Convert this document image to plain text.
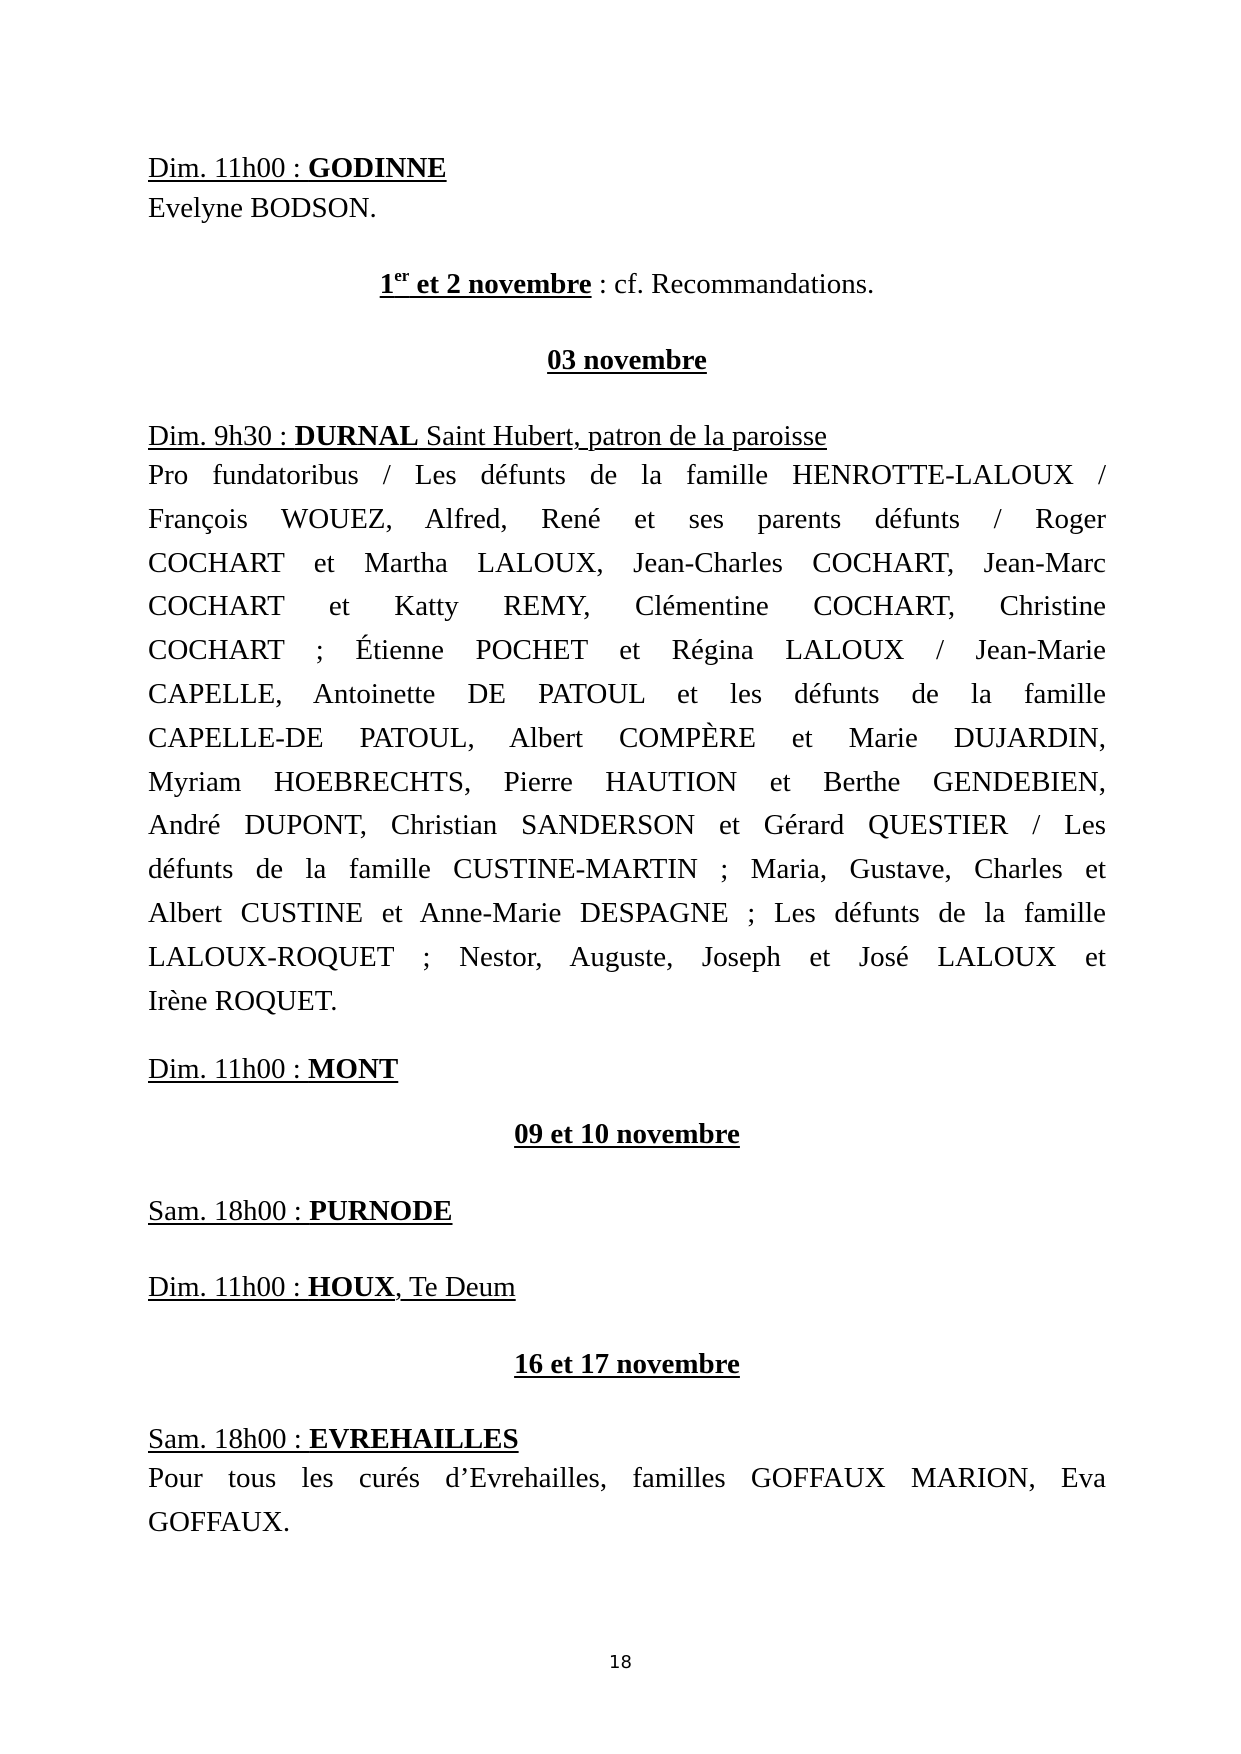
Dim. 11h00 : GODINNE
Evelyne BODSON.
1er et 2 novembre : cf. Recommandations.
03 novembre
Dim. 9h30 : DURNAL Saint Hubert, patron de la paroisse
Pro fundatoribus / Les défunts de la famille HENROTTE-LALOUX /
François WOUEZ, Alfred, René et ses parents défunts / Roger
COCHART et Martha LALOUX, Jean-Charles COCHART, Jean-Marc
COCHART et Katty REMY, Clémentine COCHART, Christine
COCHART ; Étienne POCHET et Régina LALOUX / Jean-Marie
CAPELLE, Antoinette DE PATOUL et les défunts de la famille
CAPELLE-DE PATOUL, Albert COMPÈRE et Marie DUJARDIN,
Myriam HOEBRECHTS, Pierre HAUTION et Berthe GENDEBIEN,
André DUPONT, Christian SANDERSON et Gérard QUESTIER / Les
défunts de la famille CUSTINE-MARTIN ; Maria, Gustave, Charles et
Albert CUSTINE et Anne-Marie DESPAGNE ; Les défunts de la famille
LALOUX-ROQUET ; Nestor, Auguste, Joseph et José LALOUX et
Irène ROQUET.
Dim. 11h00 : MONT
09 et 10 novembre
Sam. 18h00 : PURNODE
Dim. 11h00 : HOUX, Te Deum
16 et 17 novembre
Sam. 18h00 : EVREHAILLES
Pour tous les curés d’Evrehailles, familles GOFFAUX MARION, Eva
GOFFAUX.
18
